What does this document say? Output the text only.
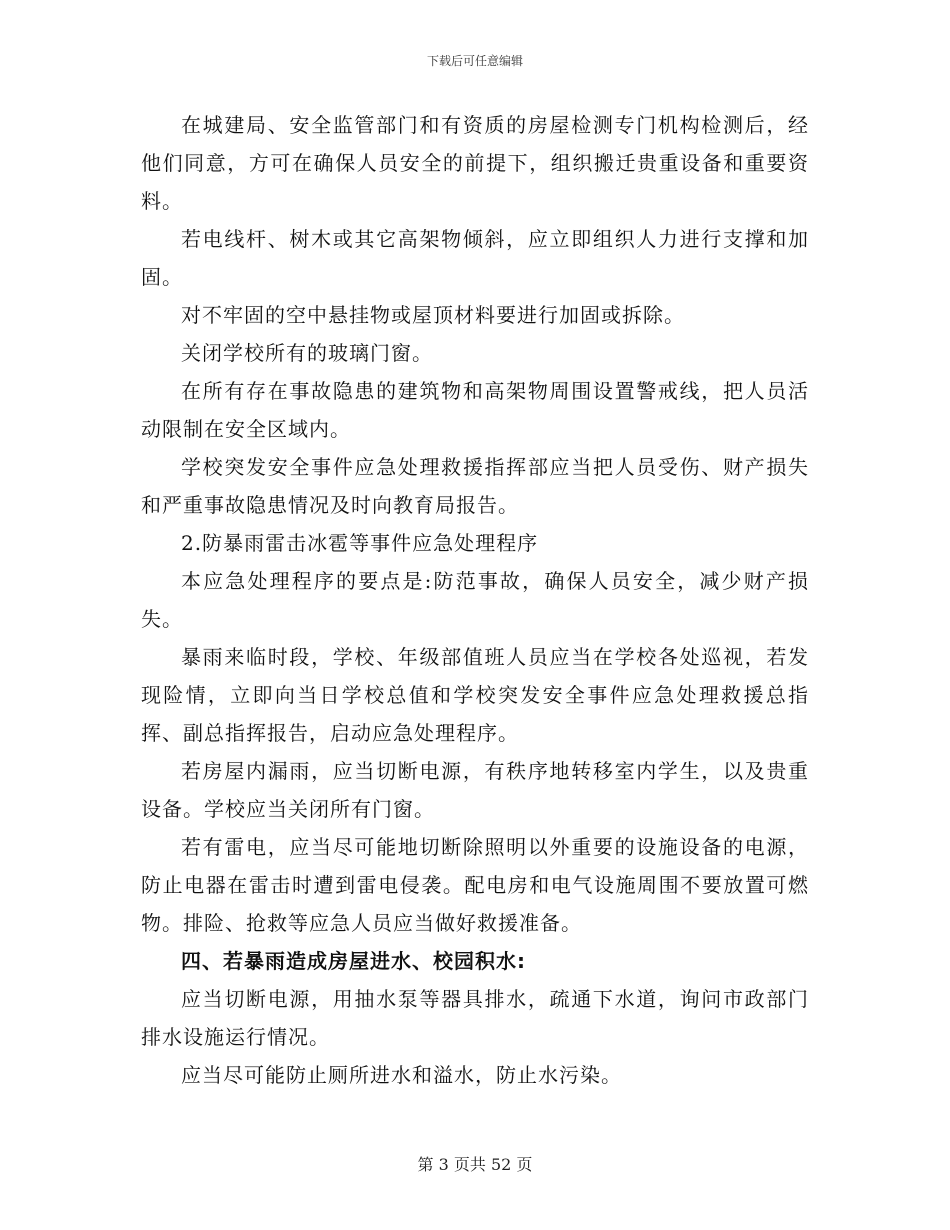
下载后可任意编辑

在城建局、安全监管部门和有资质的房屋检测专门机构检测后，经他们同意，方可在确保人员安全的前提下，组织搬迁贵重设备和重要资料。

若电线杆、树木或其它高架物倾斜，应立即组织人力进行支撑和加固。

对不牢固的空中悬挂物或屋顶材料要进行加固或拆除。

关闭学校所有的玻璃门窗。

在所有存在事故隐患的建筑物和高架物周围设置警戒线，把人员活动限制在安全区域内。

学校突发安全事件应急处理救援指挥部应当把人员受伤、财产损失和严重事故隐患情况及时向教育局报告。

2.防暴雨雷击冰雹等事件应急处理程序

本应急处理程序的要点是:防范事故，确保人员安全，减少财产损失。

暴雨来临时段，学校、年级部值班人员应当在学校各处巡视，若发现险情，立即向当日学校总值和学校突发安全事件应急处理救援总指挥、副总指挥报告，启动应急处理程序。

若房屋内漏雨，应当切断电源，有秩序地转移室内学生，以及贵重设备。学校应当关闭所有门窗。

若有雷电，应当尽可能地切断除照明以外重要的设施设备的电源，防止电器在雷击时遭到雷电侵袭。配电房和电气设施周围不要放置可燃物。排险、抢救等应急人员应当做好救援准备。

四、若暴雨造成房屋进水、校园积水:

应当切断电源，用抽水泵等器具排水，疏通下水道，询问市政部门排水设施运行情况。

应当尽可能防止厕所进水和溢水，防止水污染。

第 3 页共 52 页
